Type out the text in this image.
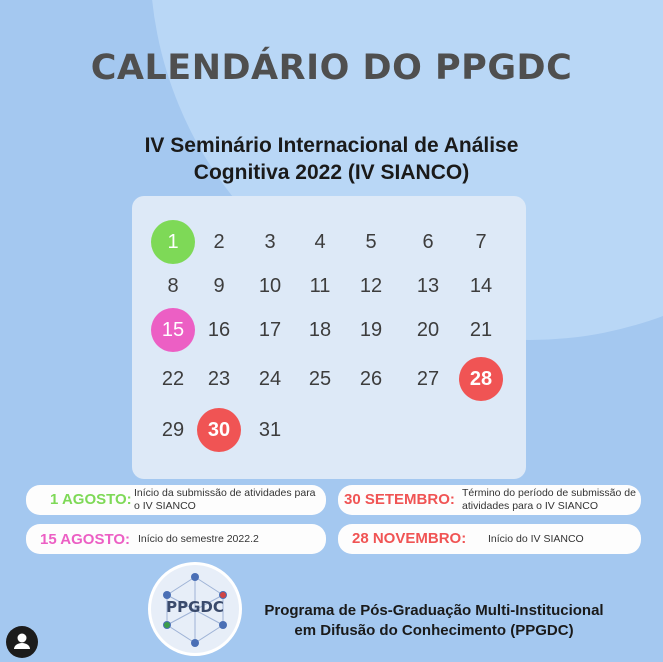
CALENDÁRIO DO PPGDC
IV Seminário Internacional de Análise
Cognitiva 2022 (IV SIANCO)
1	2	3	4	5	6	7
8	9	10	11	12	13	14
15	16	17	18	19	20	21
22	23	24	25	26	27	28
29	30	31
1 AGOSTO: Início da submissão de atividades para o IV SIANCO	30 SETEMBRO: Término do período de submissão de atividades para o IV SIANCO
15 AGOSTO: Início do semestre 2022.2	28 NOVEMBRO: Início do IV SIANCO
PPGDC	Programa de Pós-Graduação Multi-Institucional
em Difusão do Conhecimento (PPGDC)
